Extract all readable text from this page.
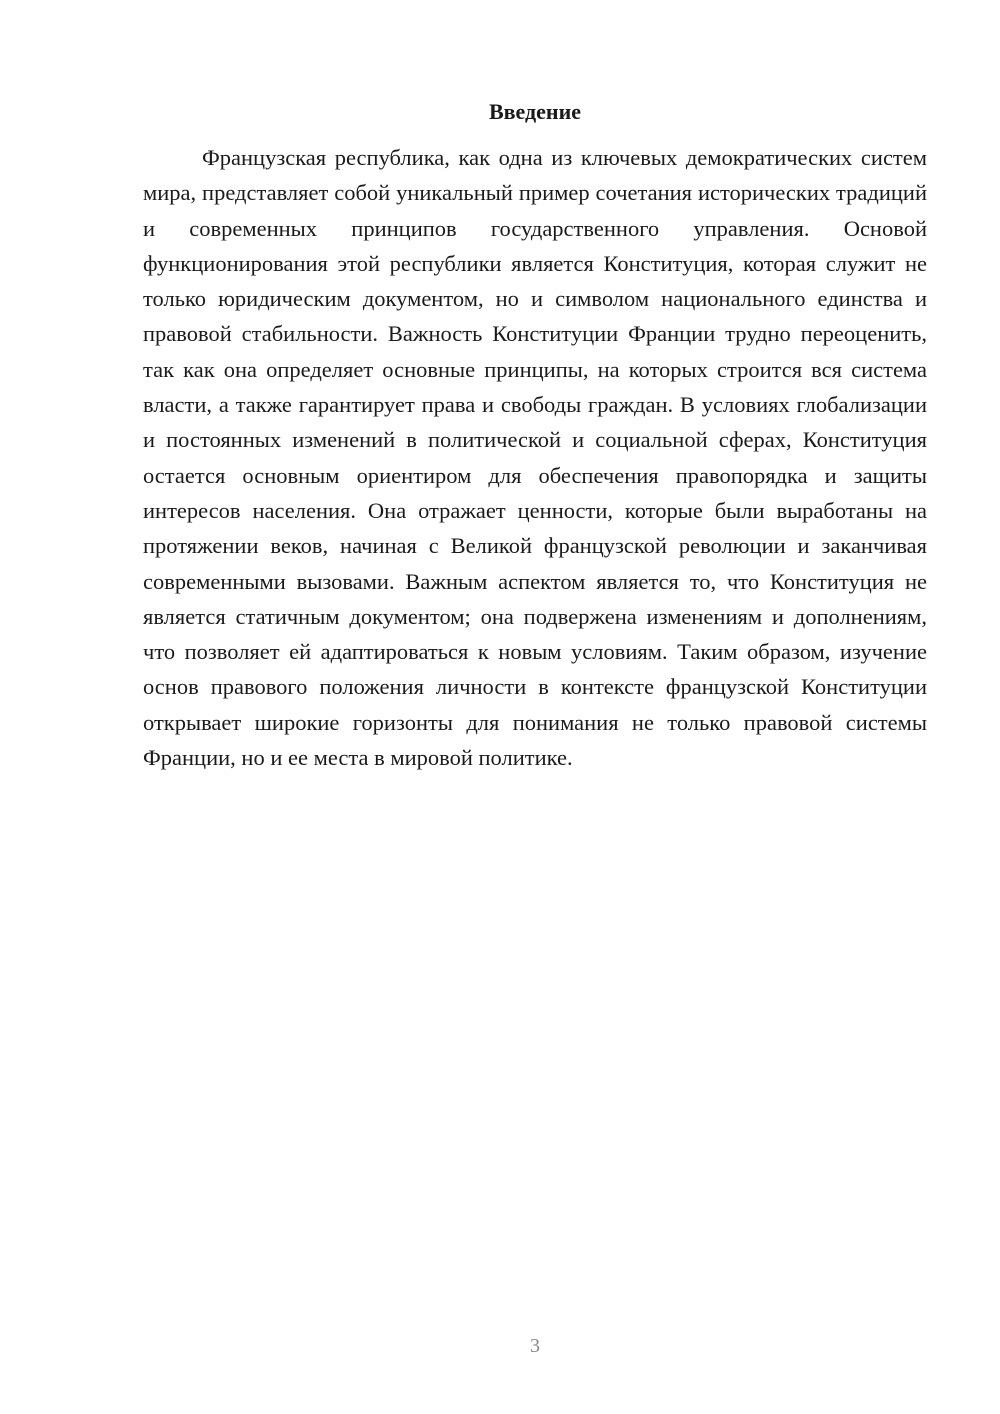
Введение

Французская республика, как одна из ключевых демократических систем мира, представляет собой уникальный пример сочетания исторических традиций и современных принципов государственного управления. Основой функционирования этой республики является Конституция, которая служит не только юридическим документом, но и символом национального единства и правовой стабильности. Важность Конституции Франции трудно переоценить, так как она определяет основные принципы, на которых строится вся система власти, а также гарантирует права и свободы граждан. В условиях глобализации и постоянных изменений в политической и социальной сферах, Конституция остается основным ориентиром для обеспечения правопорядка и защиты интересов населения. Она отражает ценности, которые были выработаны на протяжении веков, начиная с Великой французской революции и заканчивая современными вызовами. Важным аспектом является то, что Конституция не является статичным документом; она подвержена изменениям и дополнениям, что позволяет ей адаптироваться к новым условиям. Таким образом, изучение основ правового положения личности в контексте французской Конституции открывает широкие горизонты для понимания не только правовой системы Франции, но и ее места в мировой политике.

3
